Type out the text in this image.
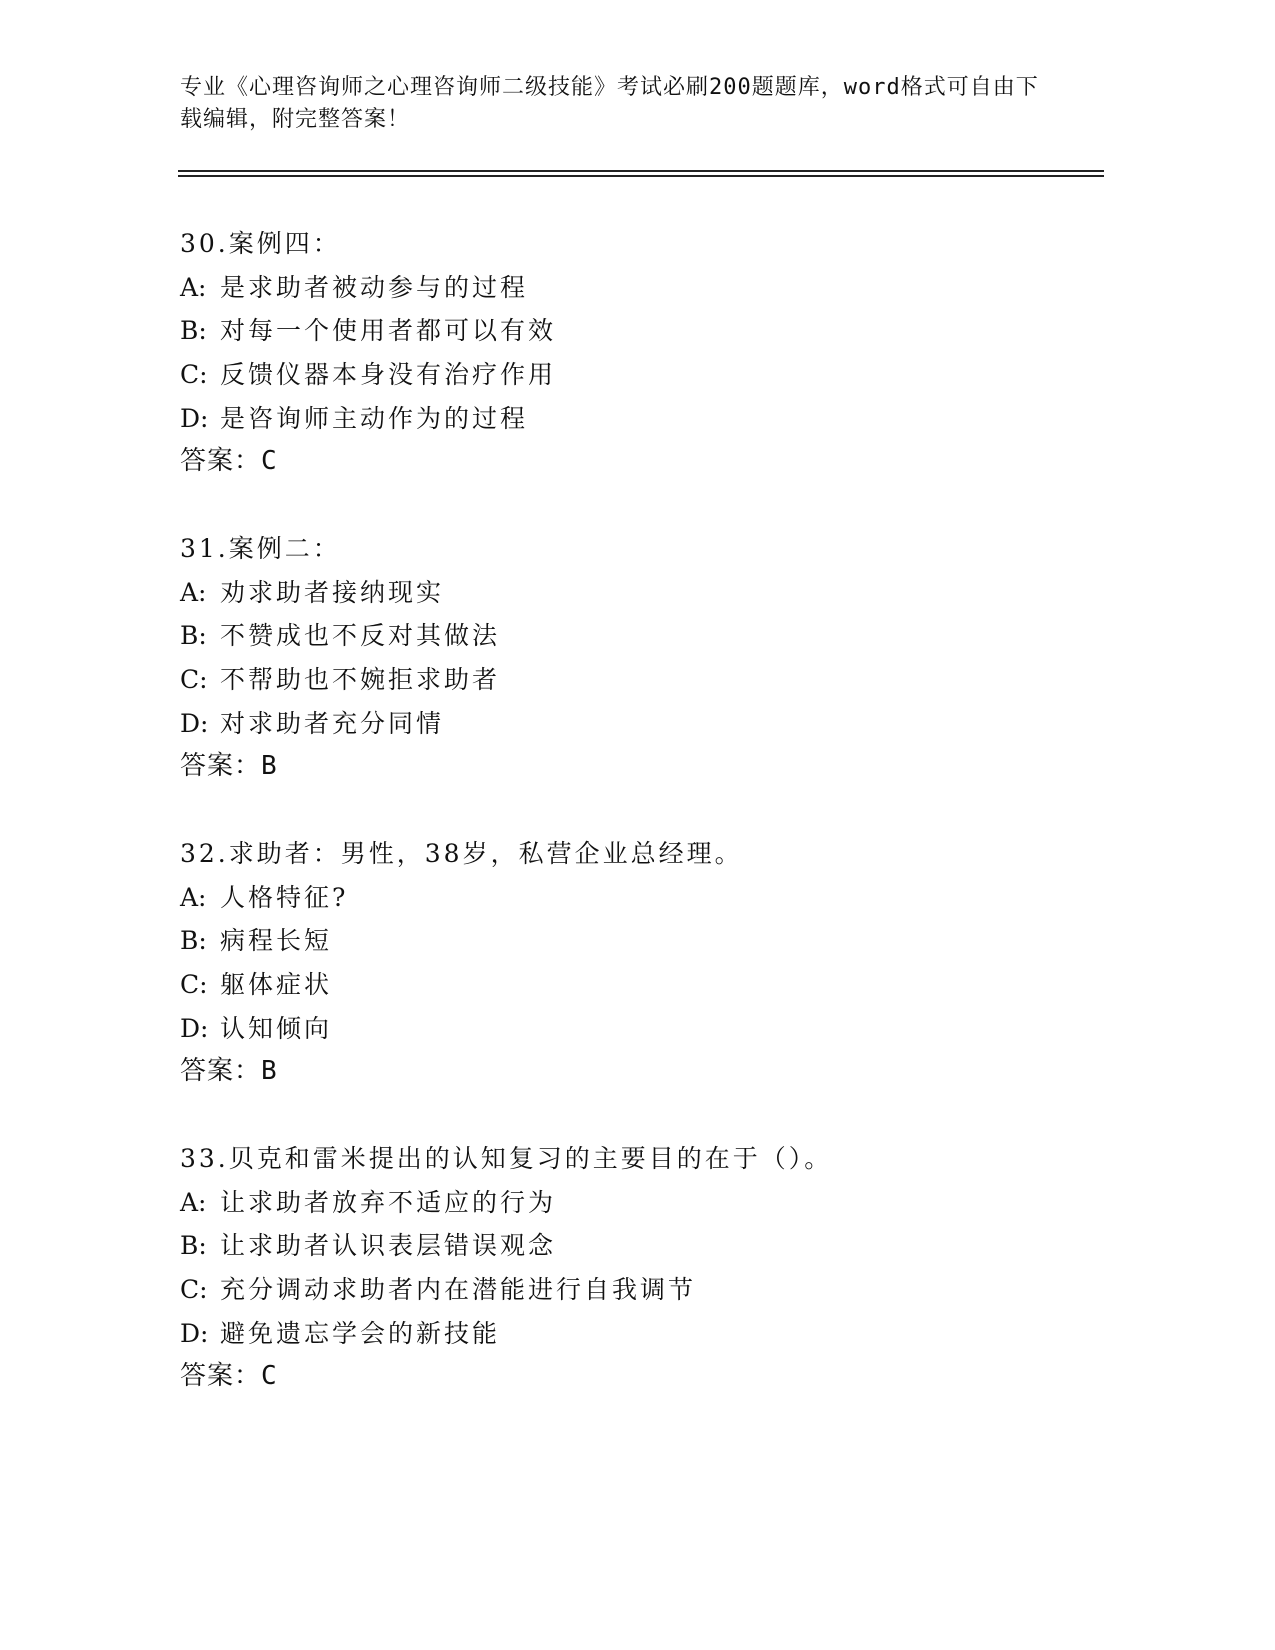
专业《心理咨询师之心理咨询师二级技能》考试必刷200题题库，word格式可自由下载编辑，附完整答案！
30.案例四：
A: 是求助者被动参与的过程
B: 对每一个使用者都可以有效
C: 反馈仪器本身没有治疗作用
D: 是咨询师主动作为的过程
答案：C
31.案例二：
A: 劝求助者接纳现实
B: 不赞成也不反对其做法
C: 不帮助也不婉拒求助者
D: 对求助者充分同情
答案：B
32.求助者：男性，38岁，私营企业总经理。
A: 人格特征?
B: 病程长短
C: 躯体症状
D: 认知倾向
答案：B
33.贝克和雷米提出的认知复习的主要目的在于（）。
A: 让求助者放弃不适应的行为
B: 让求助者认识表层错误观念
C: 充分调动求助者内在潜能进行自我调节
D: 避免遗忘学会的新技能
答案：C
